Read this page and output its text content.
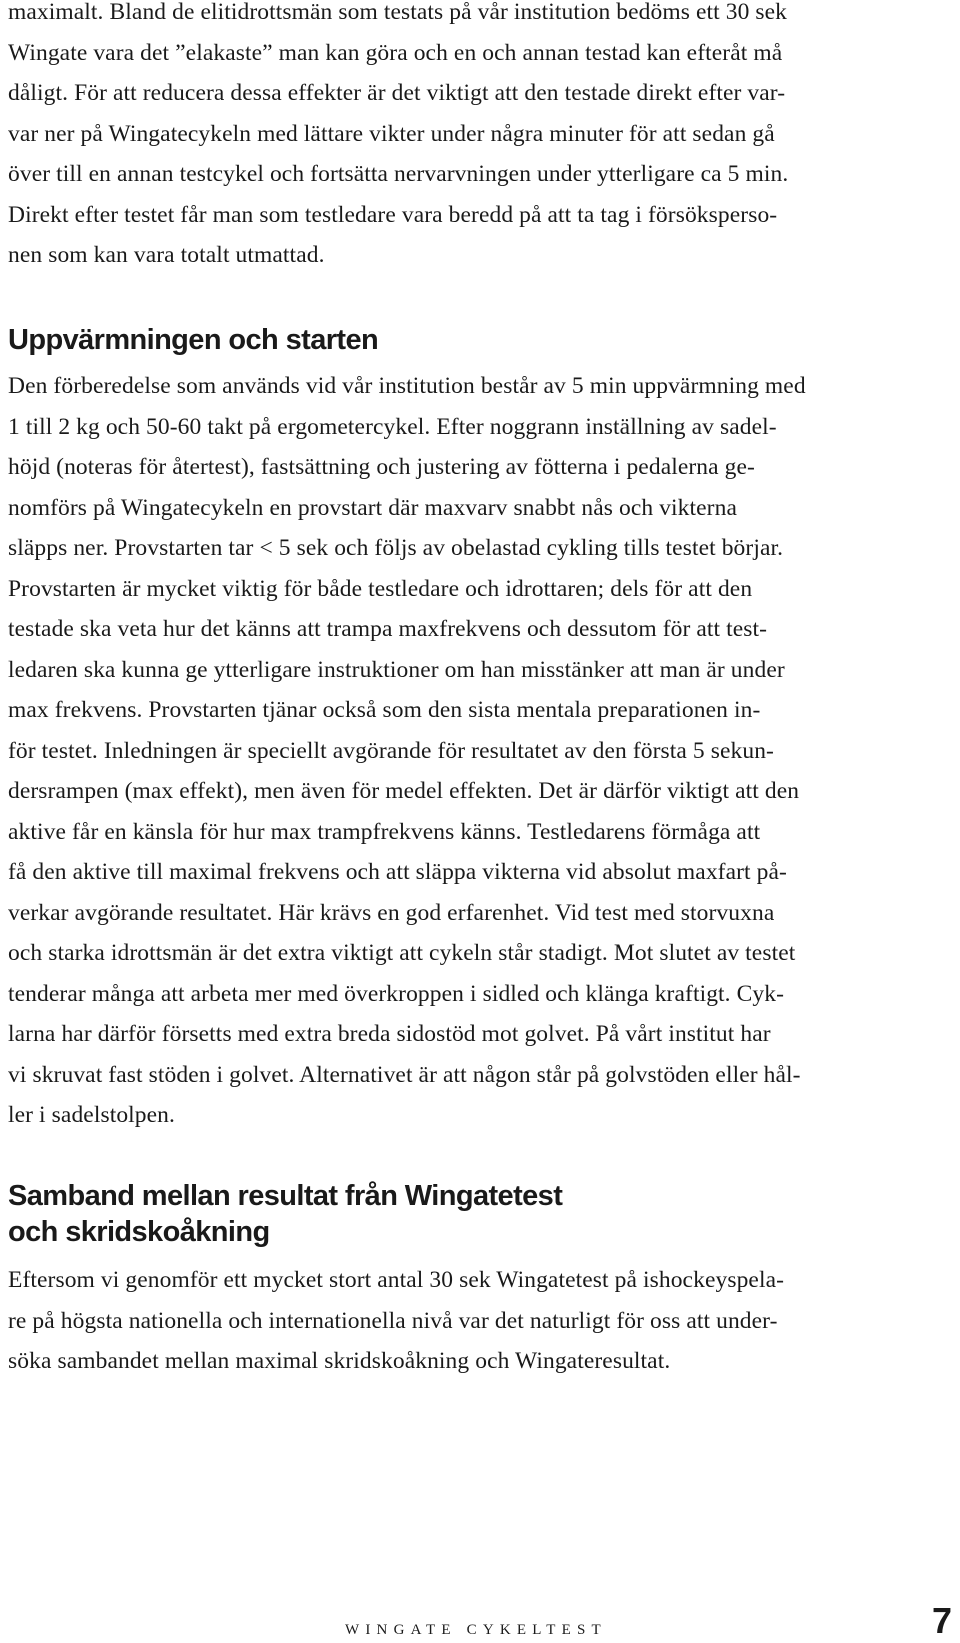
maximalt. Bland de elitidrottsmän som testats på vår institution bedöms ett 30 sek
Wingate vara det ”elakaste” man kan göra och en och annan testad kan efteråt må
dåligt. För att reducera dessa effekter är det viktigt att den testade direkt efter var-
var ner på Wingatecykeln med lättare vikter under några minuter för att sedan gå
över till en annan testcykel och fortsätta nervarvningen under ytterligare ca 5 min.
Direkt efter testet får man som testledare vara beredd på att ta tag i försöksperso-
nen som kan vara totalt utmattad.

Uppvärmningen och starten

Den förberedelse som används vid vår institution består av 5 min uppvärmning med
1 till 2 kg och 50-60 takt på ergometercykel. Efter noggrann inställning av sadel-
höjd (noteras för återtest), fastsättning och justering av fötterna i pedalerna ge-
nomförs på Wingatecykeln en provstart där maxvarv snabbt nås och vikterna
släpps ner. Provstarten tar < 5 sek och följs av obelastad cykling tills testet börjar.
Provstarten är mycket viktig för både testledare och idrottaren; dels för att den
testade ska veta hur det känns att trampa maxfrekvens och dessutom för att test-
ledaren ska kunna ge ytterligare instruktioner om han misstänker att man är under
max frekvens. Provstarten tjänar också som den sista mentala preparationen in-
för testet. Inledningen är speciellt avgörande för resultatet av den första 5 sekun-
dersrampen (max effekt), men även för medel effekten. Det är därför viktigt att den
aktive får en känsla för hur max trampfrekvens känns. Testledarens förmåga att
få den aktive till maximal frekvens och att släppa vikterna vid absolut maxfart på-
verkar avgörande resultatet. Här krävs en god erfarenhet. Vid test med storvuxna
och starka idrottsmän är det extra viktigt att cykeln står stadigt. Mot slutet av testet
tenderar många att arbeta mer med överkroppen i sidled och klänga kraftigt. Cyk-
larna har därför försetts med extra breda sidostöd mot golvet. På vårt institut har
vi skruvat fast stöden i golvet. Alternativet är att någon står på golvstöden eller hål-
ler i sadelstolpen.

Samband mellan resultat från Wingatetest
och skridskoåkning

Eftersom vi genomför ett mycket stort antal 30 sek Wingatetest på ishockeyspela-
re på högsta nationella och internationella nivå var det naturligt för oss att under-
söka sambandet mellan maximal skridskoåkning och Wingateresultat.

WINGATE CYKELTEST	7
